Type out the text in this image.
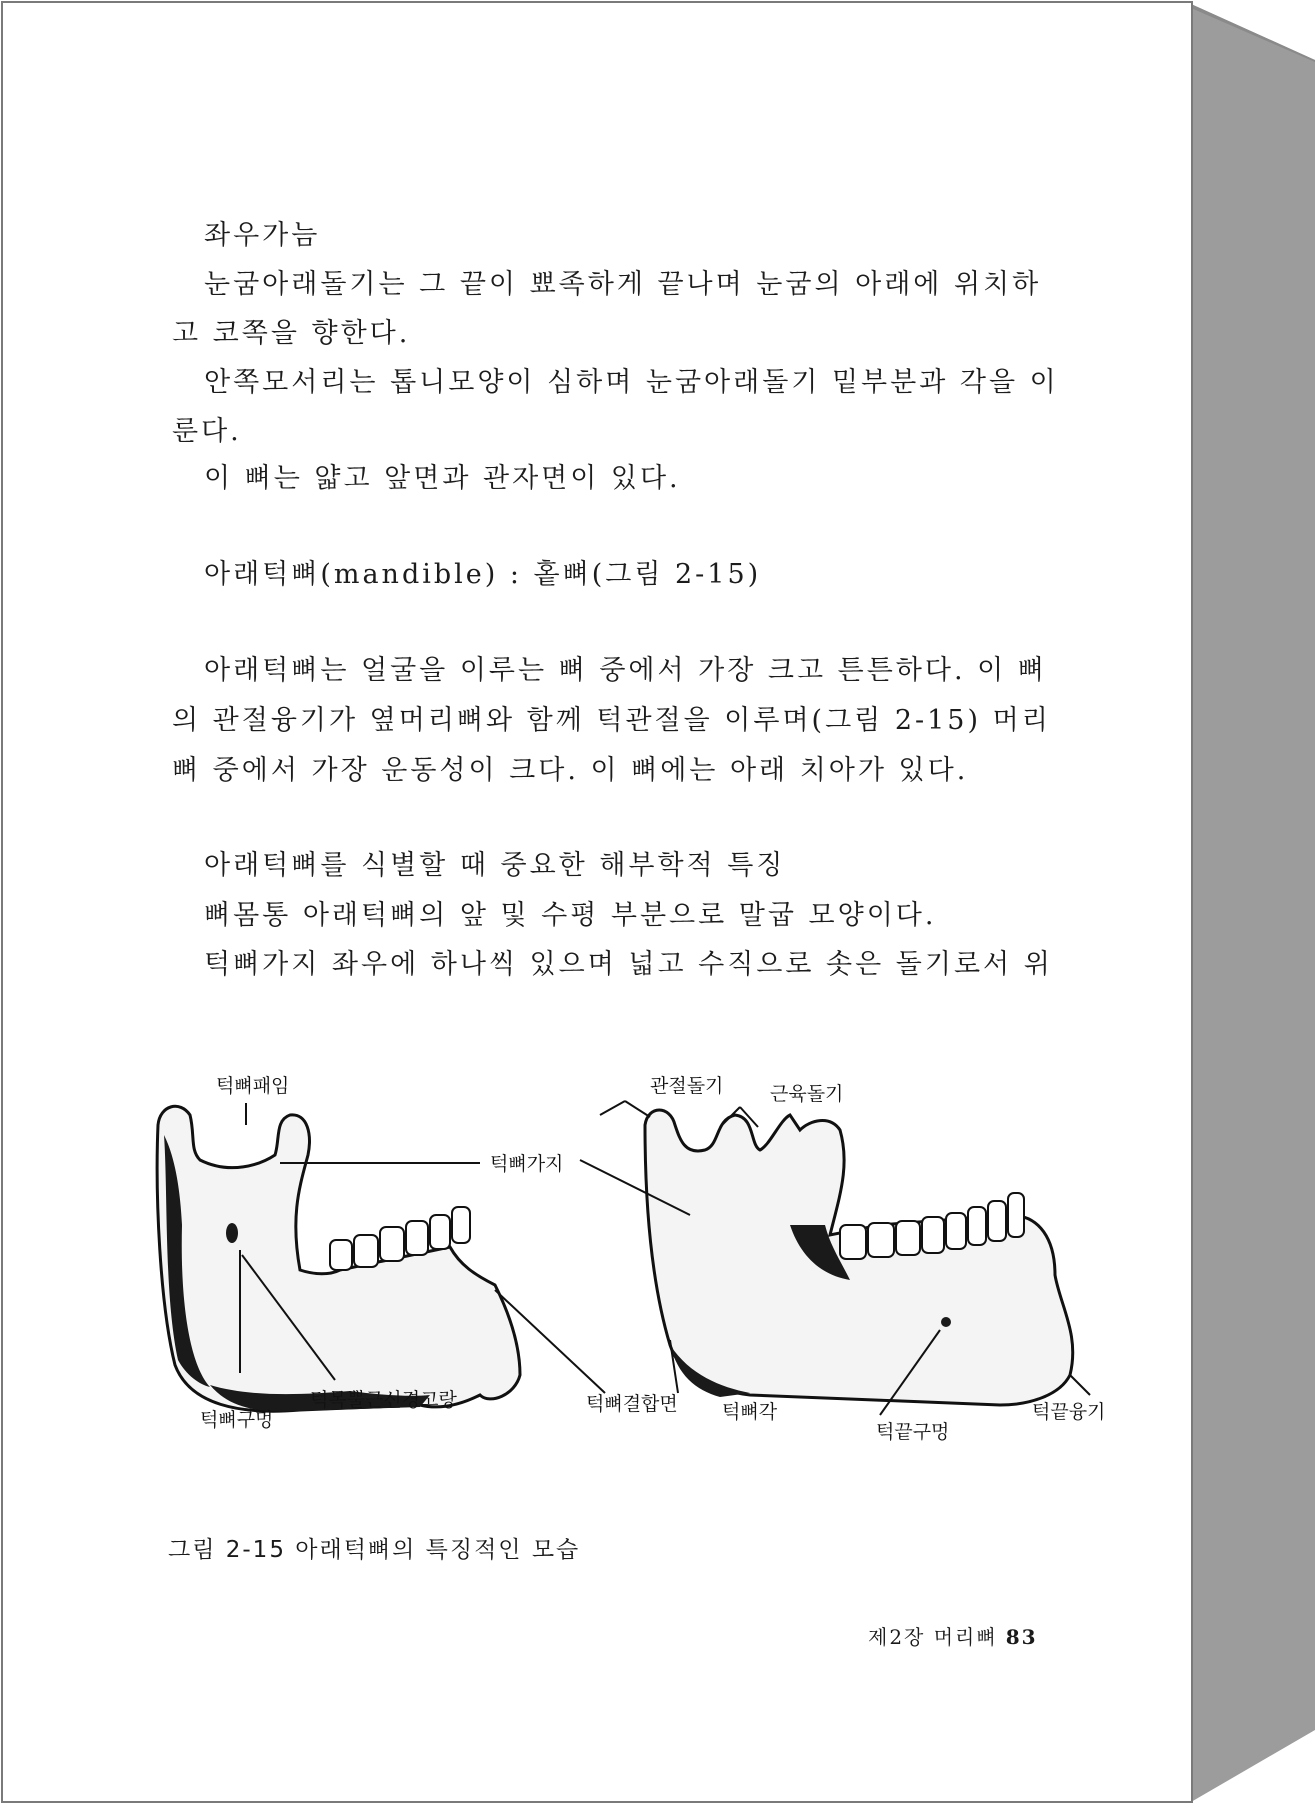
좌우가늠
눈굼아래돌기는 그 끝이 뾰족하게 끝나며 눈굼의 아래에 위치하
고 코쪽을 향한다.
안쪽모서리는 톱니모양이 심하며 눈굼아래돌기 밑부분과 각을 이
룬다.
이 뼈는 얇고 앞면과 관자면이 있다.
아래턱뼈(mandible) : 홑뼈(그림 2-15)
아래턱뼈는 얼굴을 이루는 뼈 중에서 가장 크고 튼튼하다. 이 뼈
의 관절융기가 옆머리뼈와 함께 턱관절을 이루며(그림 2-15) 머리
뼈 중에서 가장 운동성이 크다. 이 뼈에는 아래 치아가 있다.
아래턱뼈를 식별할 때 중요한 해부학적 특징
뼈몸통 아래턱뼈의 앞 및 수평 부분으로 말굽 모양이다.
턱뼈가지 좌우에 하나씩 있으며 넓고 수직으로 솟은 돌기로서 위
턱뼈패임
턱뼈가지
관절돌기 근육돌기
턱뼈구멍
턱목뿔근신경고랑	턱뼈결합면 턱뼈각
턱끝구멍
턱끝융기
그림 2-15 아래턱뼈의 특징적인 모습
제2장 머리뼈 83
